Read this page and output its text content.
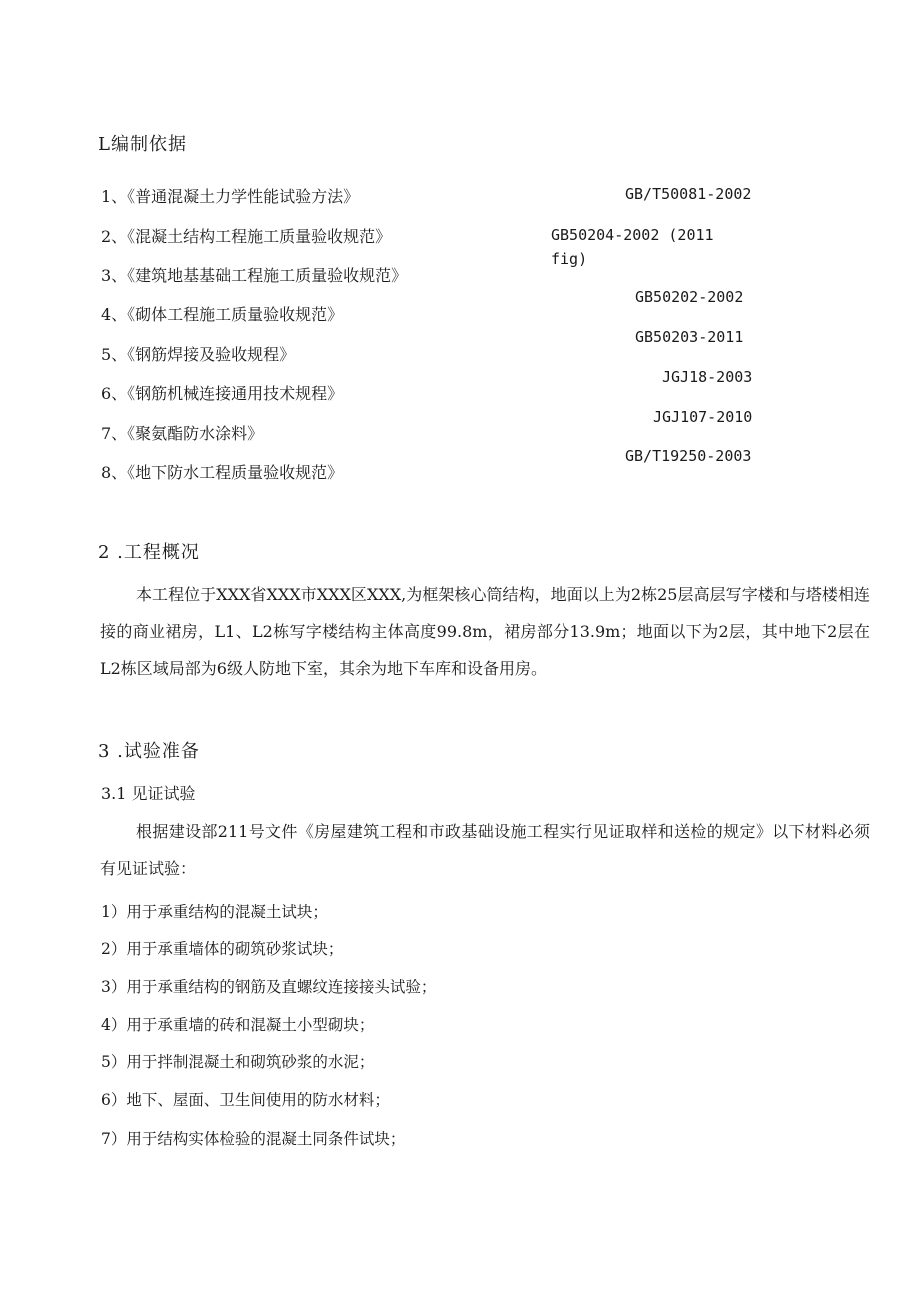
L编制依据
1、《普通混凝土力学性能试验方法》	GB/T50081-2002
2、《混凝土结构工程施工质量验收规范》	GB50204-2002 (2011
fig)
3、《建筑地基基础工程施工质量验收规范》
GB50202-2002
4、《砌体工程施工质量验收规范》
GB50203-2011
5、《钢筋焊接及验收规程》
JGJ18-2003
6、《钢筋机械连接通用技术规程》
JGJ107-2010
7、《聚氨酯防水涂料》
GB/T19250-2003
8、《地下防水工程质量验收规范》
2 .工程概况
本工程位于XXX省XXX市XXX区XXX,为框架核心筒结构，地面以上为2栋25层高层写字楼和与塔楼相连接的商业裙房，L1、L2栋写字楼结构主体高度99.8m，裙房部分13.9m；地面以下为2层，其中地下2层在L2栋区域局部为6级人防地下室，其余为地下车库和设备用房。
3 .试验准备
3.1 见证试验
根据建设部211号文件《房屋建筑工程和市政基础设施工程实行见证取样和送检的规定》以下材料必须有见证试验：
1）用于承重结构的混凝土试块；
2）用于承重墙体的砌筑砂浆试块；
3）用于承重结构的钢筋及直螺纹连接接头试验；
4）用于承重墙的砖和混凝土小型砌块；
5）用于拌制混凝土和砌筑砂浆的水泥；
6）地下、屋面、卫生间使用的防水材料；
7）用于结构实体检验的混凝土同条件试块；
